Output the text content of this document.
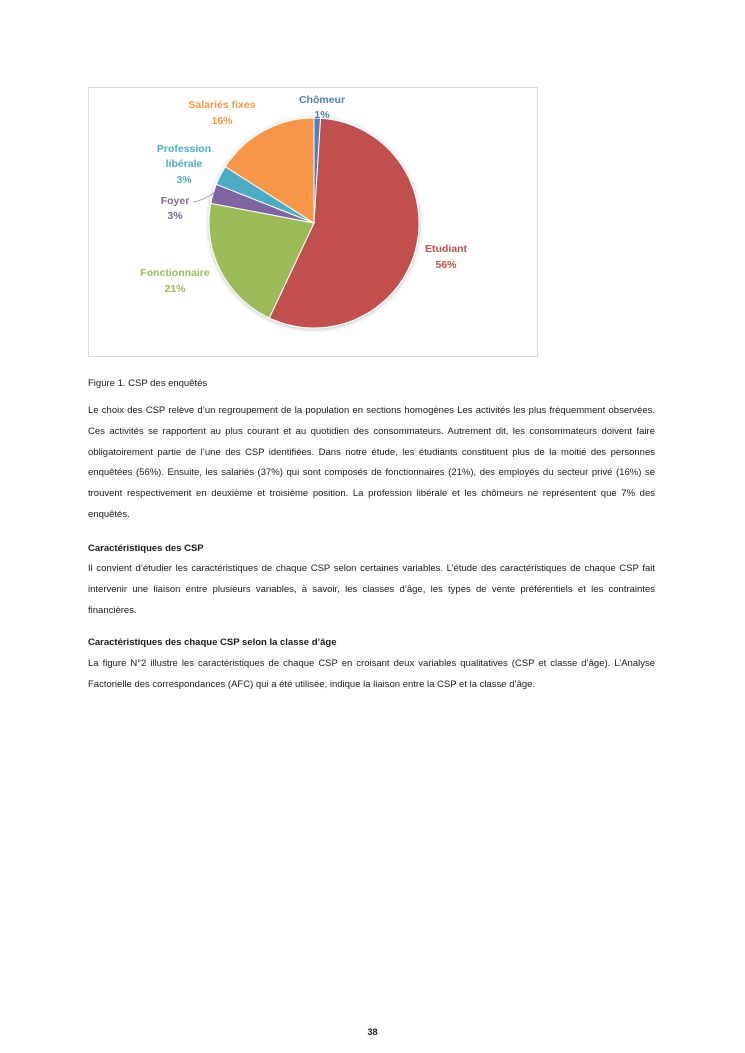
Chômeur
1%
Salariés fixes
16%
Profession
libérale
3%
Foyer
3%
Etudiant
56%
Fonctionnaire
21%
Figure 1. CSP des enquêtés

Le choix des CSP relève d’un regroupement de la population en sections homogènes Les activités les plus fréquemment observées. Ces activités se rapportent au plus courant et au quotidien des consommateurs. Autrement dit, les consommateurs doivent faire obligatoirement partie de l’une des CSP identifiées. Dans notre étude, les étudiants constituent plus de la moitié des personnes enquêtées (56%). Ensuite, les salariés (37%) qui sont composés de fonctionnaires (21%), des employés du secteur privé (16%) se trouvent respectivement en deuxième et troisième position. La profession libérale et les chômeurs ne représentent que 7% des enquêtés.

Caractéristiques des CSP

Il convient d’étudier les caractéristiques de chaque CSP selon certaines variables. L’étude des caractéristiques de chaque CSP fait intervenir une liaison entre plusieurs variables, à savoir, les classes d’âge, les types de vente préférentiels et les contraintes financières.

Caractéristiques des chaque CSP selon la classe d’âge

La figure N°2 illustre les caractéristiques de chaque CSP en croisant deux variables qualitatives (CSP et classe d’âge). L’Analyse Factorielle des correspondances (AFC) qui a été utilisée, indique la liaison entre la CSP et la classe d’âge.

38
